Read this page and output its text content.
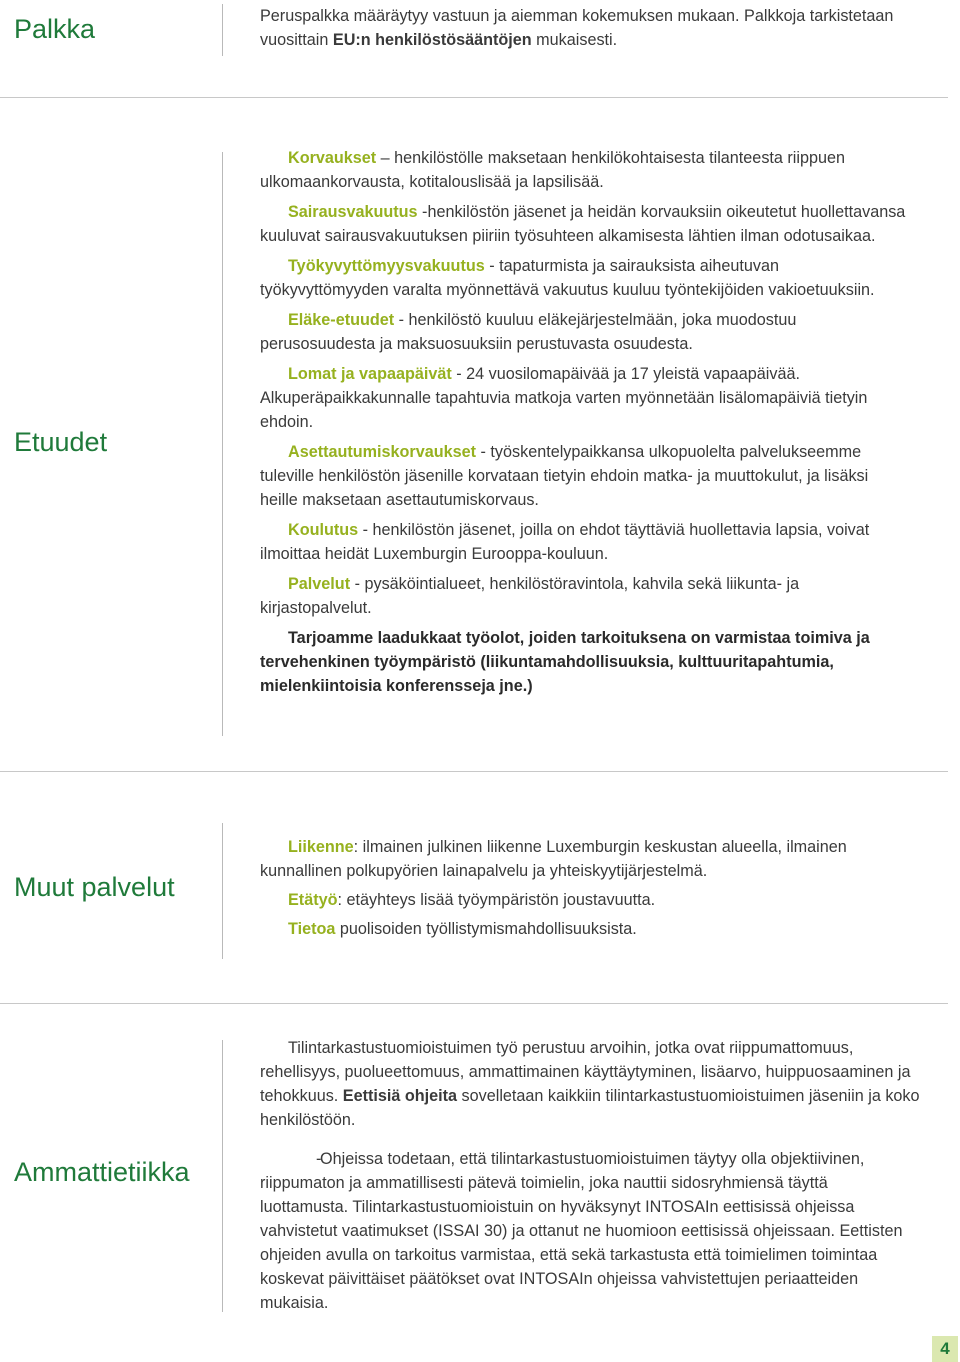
Palkka	Peruspalkka määräytyy vastuun ja aiemman kokemuksen mukaan. Palkkoja tarkistetaan vuosittain EU:n henkilöstösääntöjen mukaisesti.

Etuudet

Korvaukset – henkilöstölle maksetaan henkilökohtaisesta tilanteesta riippuen ulkomaankorvausta, kotitalouslisää ja lapsilisää.

Sairausvakuutus -henkilöstön jäsenet ja heidän korvauksiin oikeutetut huollettavansa kuuluvat sairausvakuutuksen piiriin työsuhteen alkamisesta lähtien ilman odotusaikaa.

Työkyvyttömyysvakuutus - tapaturmista ja sairauksista aiheutuvan työkyvyttömyyden varalta myönnettävä vakuutus kuuluu työntekijöiden vakioetuuksiin.

Eläke-etuudet - henkilöstö kuuluu eläkejärjestelmään, joka muodostuu perusosuudesta ja maksuosuuksiin perustuvasta osuudesta.

Lomat ja vapaapäivät - 24 vuosilomapäivää ja 17 yleistä vapaapäivää. Alkuperäpaikkakunnalle tapahtuvia matkoja varten myönnetään lisälomapäiviä tietyin ehdoin.

Asettautumiskorvaukset - työskentelypaikkansa ulkopuolelta palvelukseemme tuleville henkilöstön jäsenille korvataan tietyin ehdoin matka- ja muuttokulut, ja lisäksi heille maksetaan asettautumiskorvaus.

Koulutus - henkilöstön jäsenet, joilla on ehdot täyttäviä huollettavia lapsia, voivat ilmoittaa heidät Luxemburgin Eurooppa-kouluun.

Palvelut - pysäköintialueet, henkilöstöravintola, kahvila sekä liikunta- ja kirjastopalvelut.

Tarjoamme laadukkaat työolot, joiden tarkoituksena on varmistaa toimiva ja tervehenkinen työympäristö (liikuntamahdollisuuksia, kulttuuritapahtumia, mielenkiintoisia konferensseja jne.)

Muut palvelut

Liikenne: ilmainen julkinen liikenne Luxemburgin keskustan alueella, ilmainen kunnallinen polkupyörien lainapalvelu ja yhteiskyytijärjestelmä.

Etätyö: etäyhteys lisää työympäristön joustavuutta.

Tietoa puolisoiden työllistymismahdollisuuksista.

Ammattietiikka

Tilintarkastustuomioistuimen työ perustuu arvoihin, jotka ovat riippumattomuus, rehellisyys, puolueettomuus, ammattimainen käyttäytyminen, lisäarvo, huippuosaaminen ja tehokkuus. Eettisiä ohjeita sovelletaan kaikkiin tilintarkastustuomioistuimen jäseniin ja koko henkilöstöön.

-Ohjeissa todetaan, että tilintarkastustuomioistuimen täytyy olla objektiivinen, riippumaton ja ammatillisesti pätevä toimielin, joka nauttii sidosryhmiensä täyttä luottamusta. Tilintarkastustuomioistuin on hyväksynyt INTOSAIn eettisissä ohjeissa vahvistetut vaatimukset (ISSAI 30) ja ottanut ne huomioon eettisissä ohjeissaan. Eettisten ohjeiden avulla on tarkoitus varmistaa, että sekä tarkastusta että toimielimen toimintaa koskevat päivittäiset päätökset ovat INTOSAIn ohjeissa vahvistettujen periaatteiden mukaisia.

4
